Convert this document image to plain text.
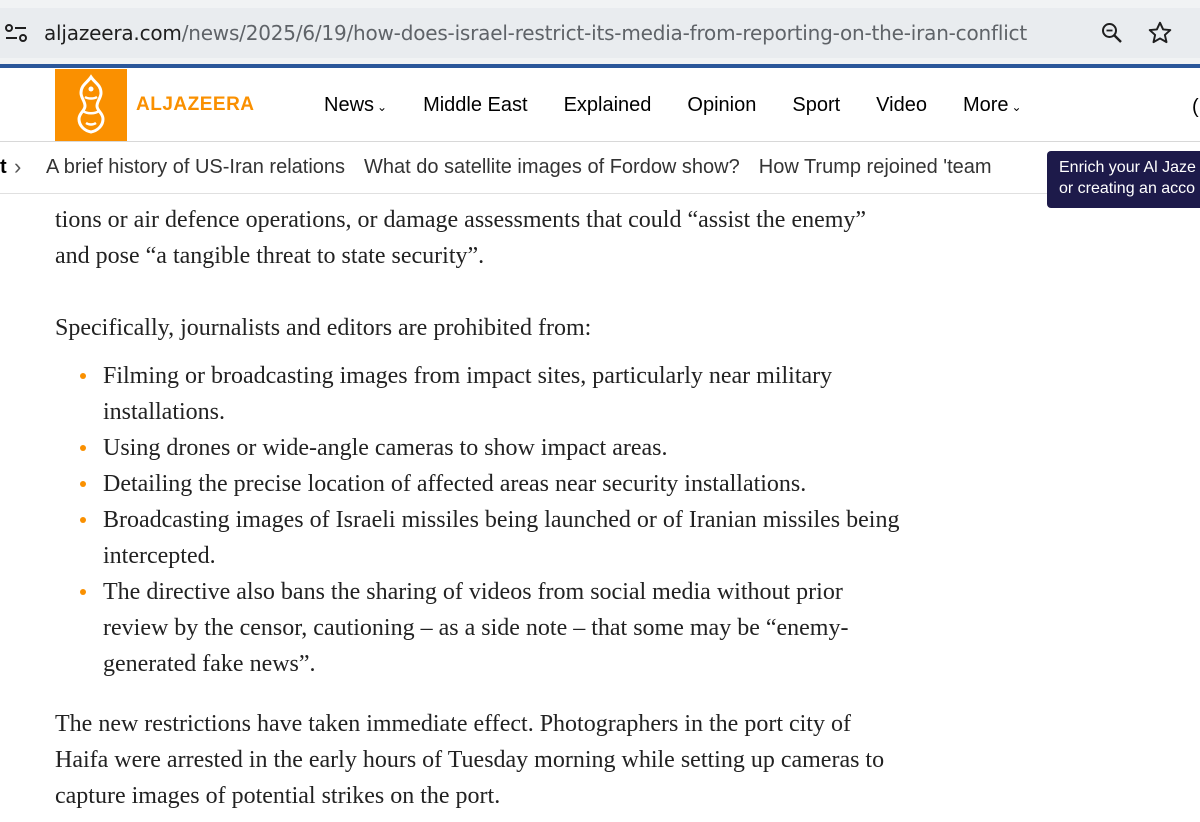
aljazeera.com/news/2025/6/19/how-does-israel-restrict-its-media-from-reporting-on-the-iran-conflict
ALJAZEERA	News ⌄ Middle East Explained Opinion Sport Video More ⌄	(
t › A brief history of US-Iran relations What do satellite images of Fordow show? How Trump rejoined 'team	Enrich your Al Jaze
or creating an acco
tions or air defence operations, or damage assessments that could “assist the enemy”
and pose “a tangible threat to state security”.
Specifically, journalists and editors are prohibited from:
Filming or broadcasting images from impact sites, particularly near military
installations.
Using drones or wide-angle cameras to show impact areas.
Detailing the precise location of affected areas near security installations.
Broadcasting images of Israeli missiles being launched or of Iranian missiles being
intercepted.
The directive also bans the sharing of videos from social media without prior
review by the censor, cautioning – as a side note – that some may be “enemy-
generated fake news”.
The new restrictions have taken immediate effect. Photographers in the port city of
Haifa were arrested in the early hours of Tuesday morning while setting up cameras to
capture images of potential strikes on the port.
